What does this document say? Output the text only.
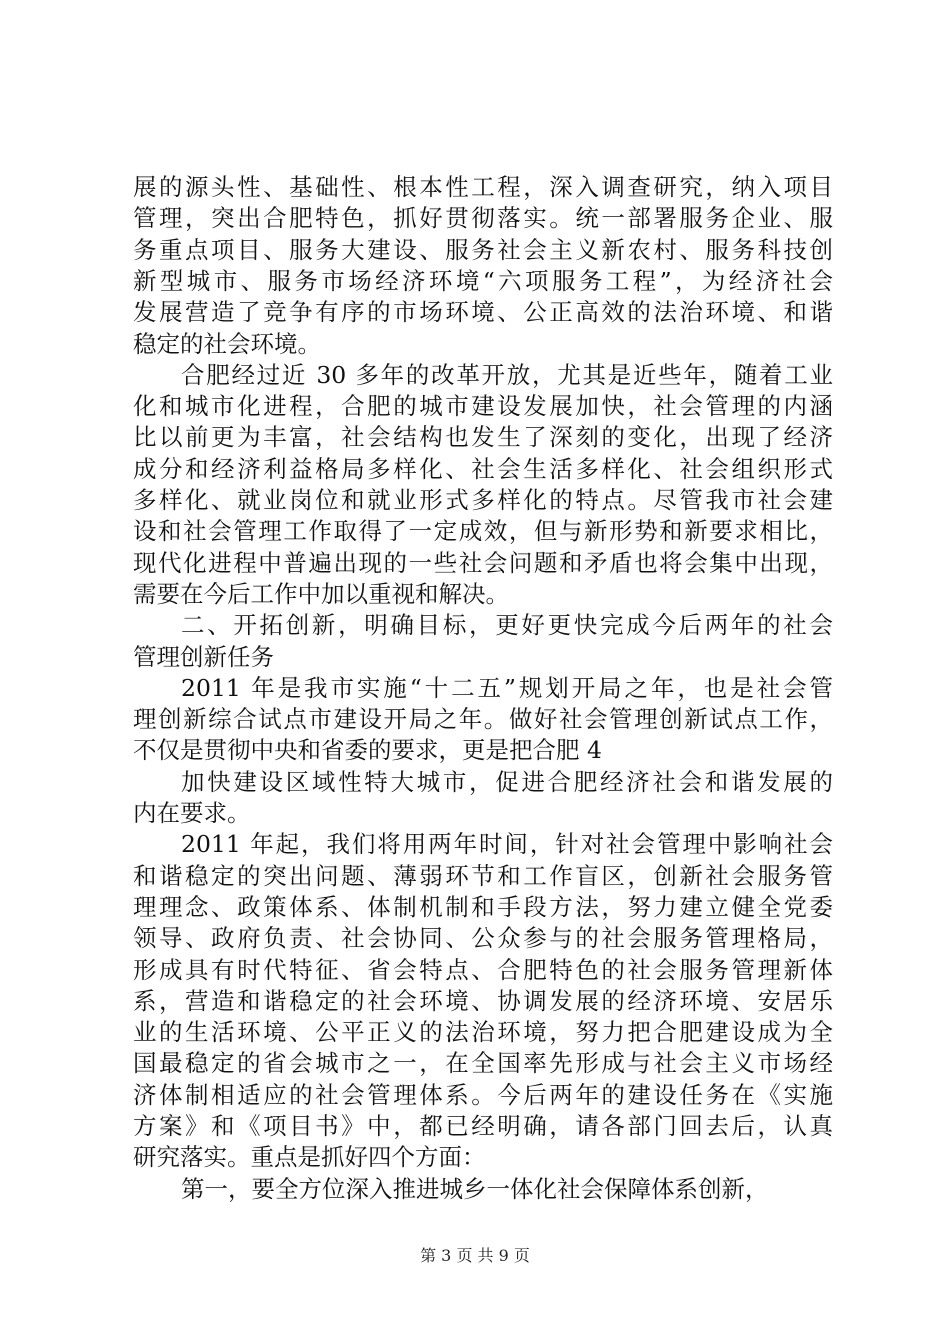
展的源头性、基础性、根本性工程，深入调查研究，纳入项目
管理，突出合肥特色，抓好贯彻落实。统一部署服务企业、服
务重点项目、服务大建设、服务社会主义新农村、服务科技创
新型城市、服务市场经济环境“六项服务工程”，为经济社会
发展营造了竞争有序的市场环境、公正高效的法治环境、和谐
稳定的社会环境。
合肥经过近 30 多年的改革开放，尤其是近些年，随着工业
化和城市化进程，合肥的城市建设发展加快，社会管理的内涵
比以前更为丰富，社会结构也发生了深刻的变化，出现了经济
成分和经济利益格局多样化、社会生活多样化、社会组织形式
多样化、就业岗位和就业形式多样化的特点。尽管我市社会建
设和社会管理工作取得了一定成效，但与新形势和新要求相比，
现代化进程中普遍出现的一些社会问题和矛盾也将会集中出现，
需要在今后工作中加以重视和解决。
二、开拓创新，明确目标，更好更快完成今后两年的社会
管理创新任务
2011 年是我市实施“十二五”规划开局之年，也是社会管
理创新综合试点市建设开局之年。做好社会管理创新试点工作，
不仅是贯彻中央和省委的要求，更是把合肥 4
加快建设区域性特大城市，促进合肥经济社会和谐发展的
内在要求。
2011 年起，我们将用两年时间，针对社会管理中影响社会
和谐稳定的突出问题、薄弱环节和工作盲区，创新社会服务管
理理念、政策体系、体制机制和手段方法，努力建立健全党委
领导、政府负责、社会协同、公众参与的社会服务管理格局，
形成具有时代特征、省会特点、合肥特色的社会服务管理新体
系，营造和谐稳定的社会环境、协调发展的经济环境、安居乐
业的生活环境、公平正义的法治环境，努力把合肥建设成为全
国最稳定的省会城市之一，在全国率先形成与社会主义市场经
济体制相适应的社会管理体系。今后两年的建设任务在《实施
方案》和《项目书》中，都已经明确，请各部门回去后，认真
研究落实。重点是抓好四个方面：
第一，要全方位深入推进城乡一体化社会保障体系创新，
第 3 页 共 9 页
